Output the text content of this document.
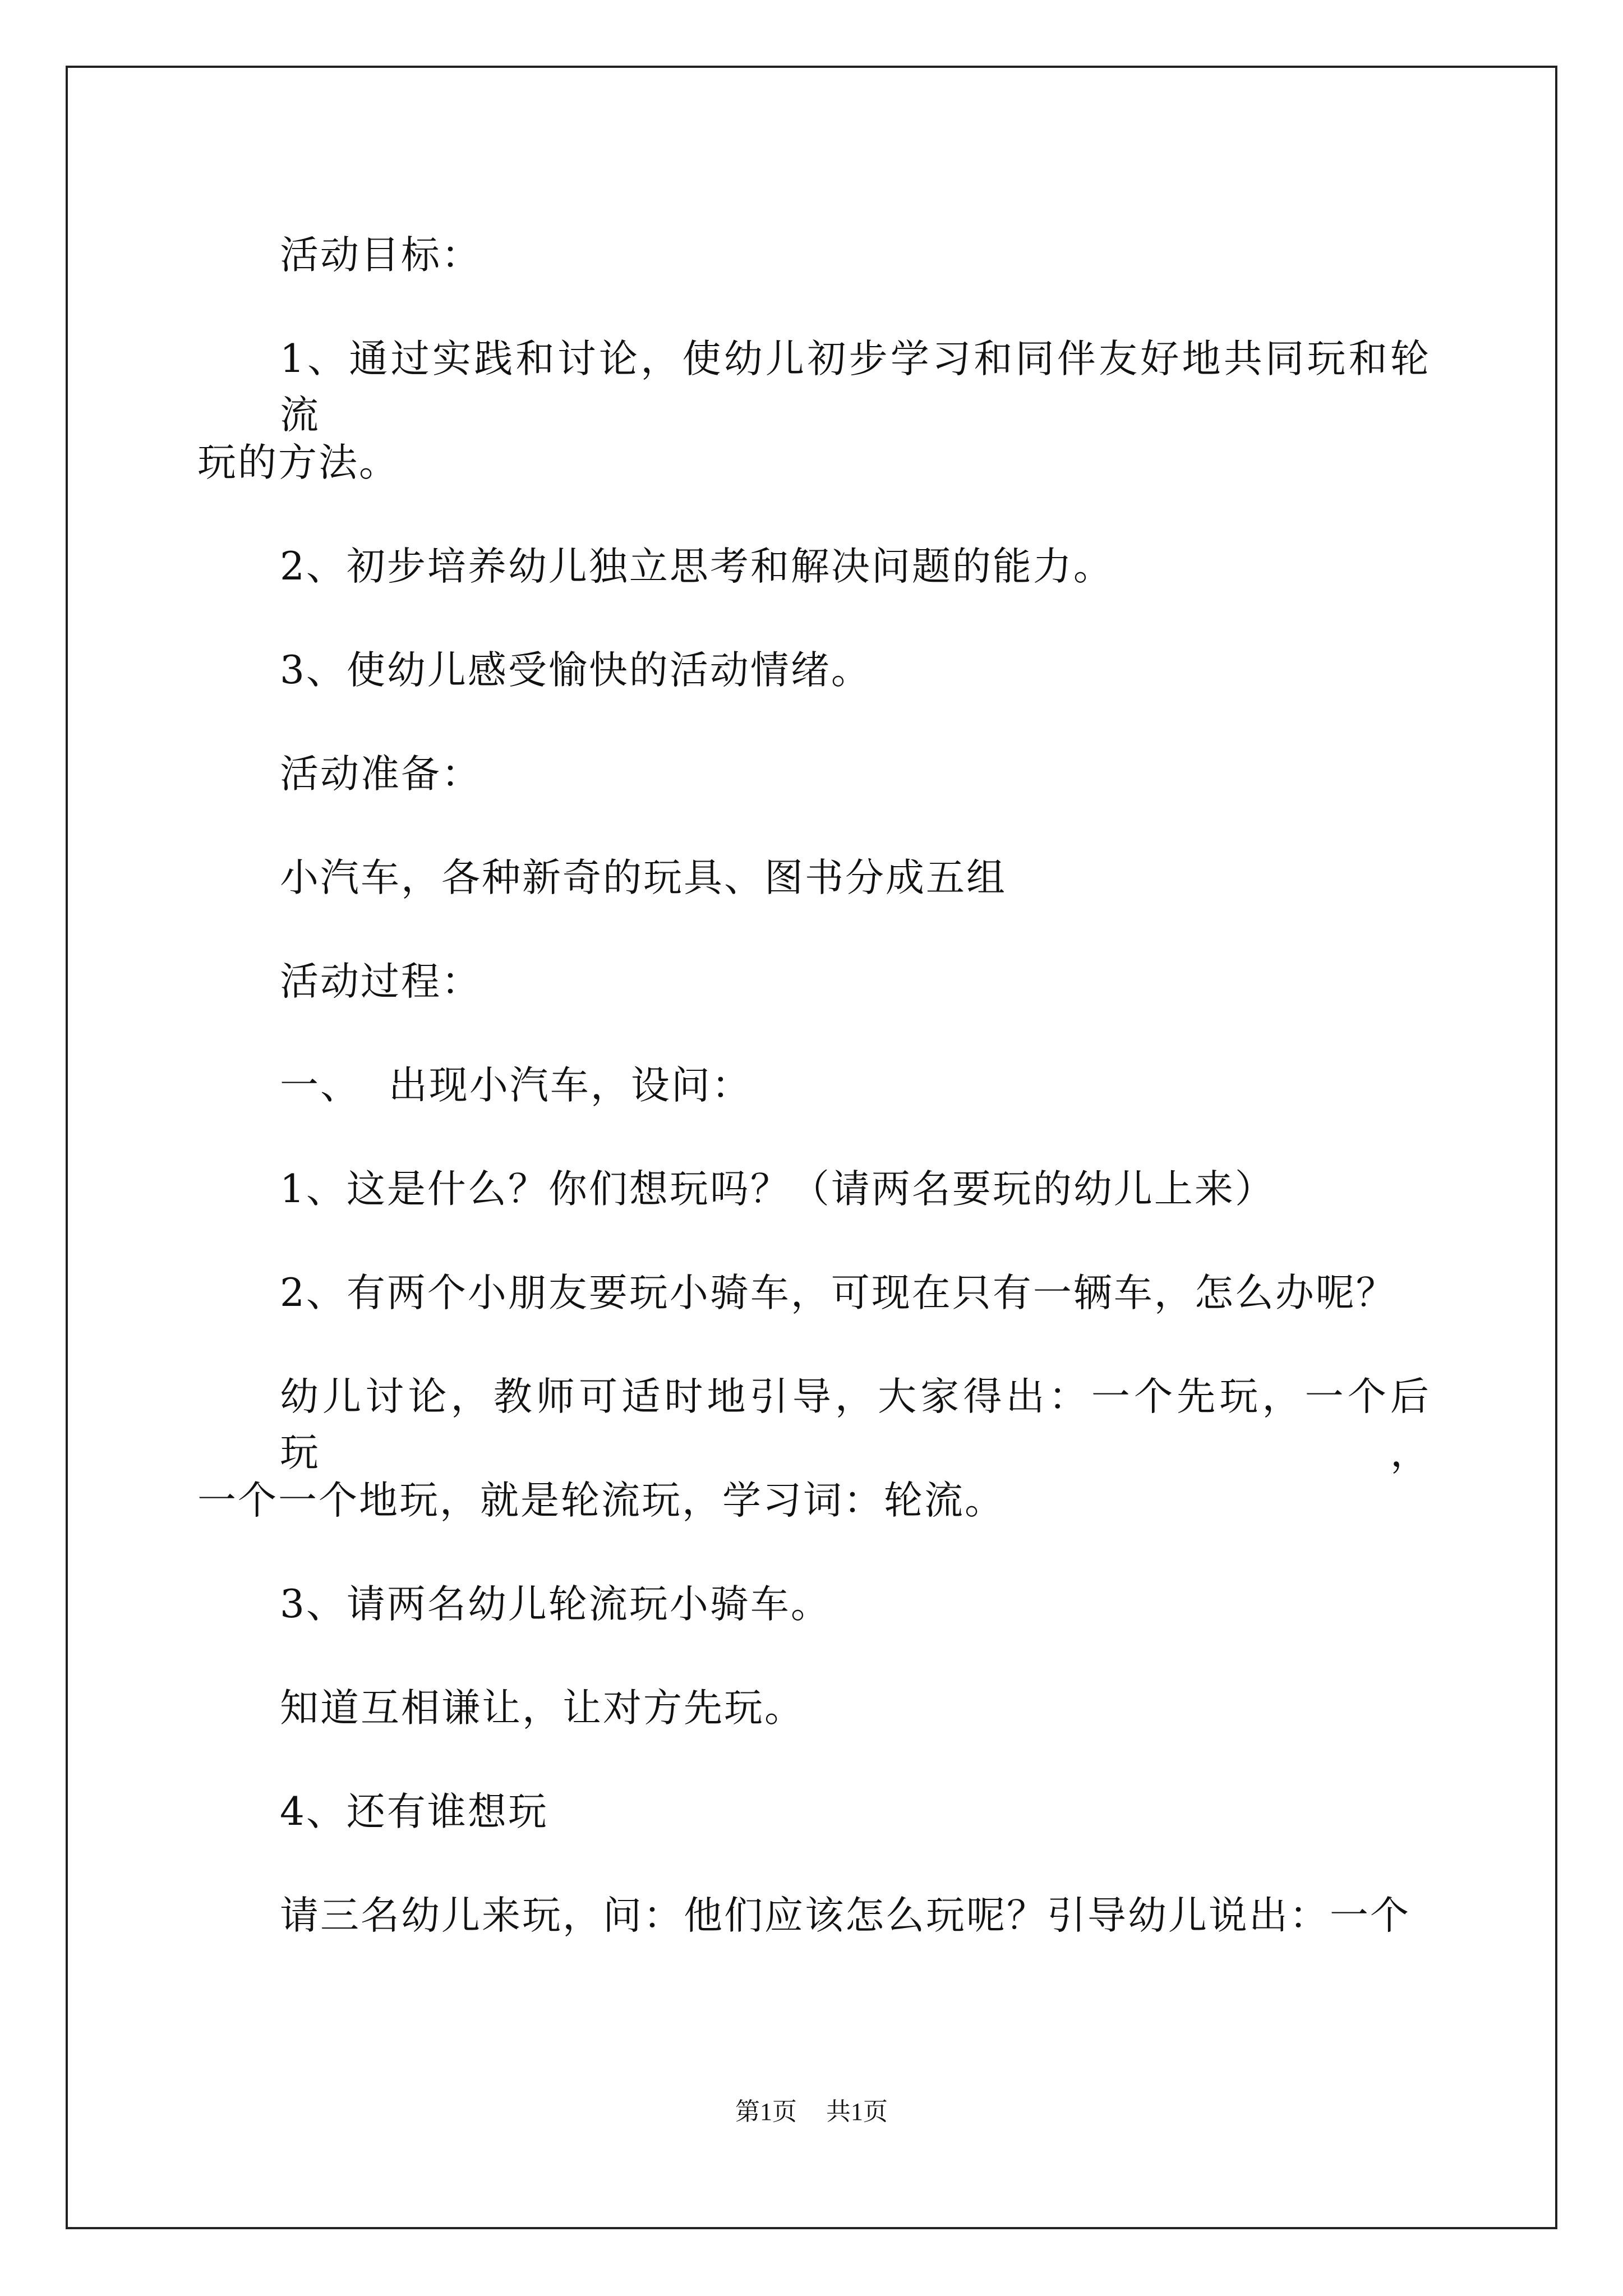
活动目标：
1、通过实践和讨论，使幼儿初步学习和同伴友好地共同玩和轮流
玩的方法。
2、初步培养幼儿独立思考和解决问题的能力。
3、使幼儿感受愉快的活动情绪。
活动准备：
小汽车，各种新奇的玩具、图书分成五组
活动过程：
一、  出现小汽车，设问：
1、这是什么？你们想玩吗？（请两名要玩的幼儿上来）
2、有两个小朋友要玩小骑车，可现在只有一辆车，怎么办呢？
幼儿讨论，教师可适时地引导，大家得出：一个先玩，一个后玩，
一个一个地玩，就是轮流玩，学习词：轮流。
3、请两名幼儿轮流玩小骑车。
知道互相谦让，让对方先玩。
4、还有谁想玩
请三名幼儿来玩，问：他们应该怎么玩呢？引导幼儿说出：一个
第1页 共1页
